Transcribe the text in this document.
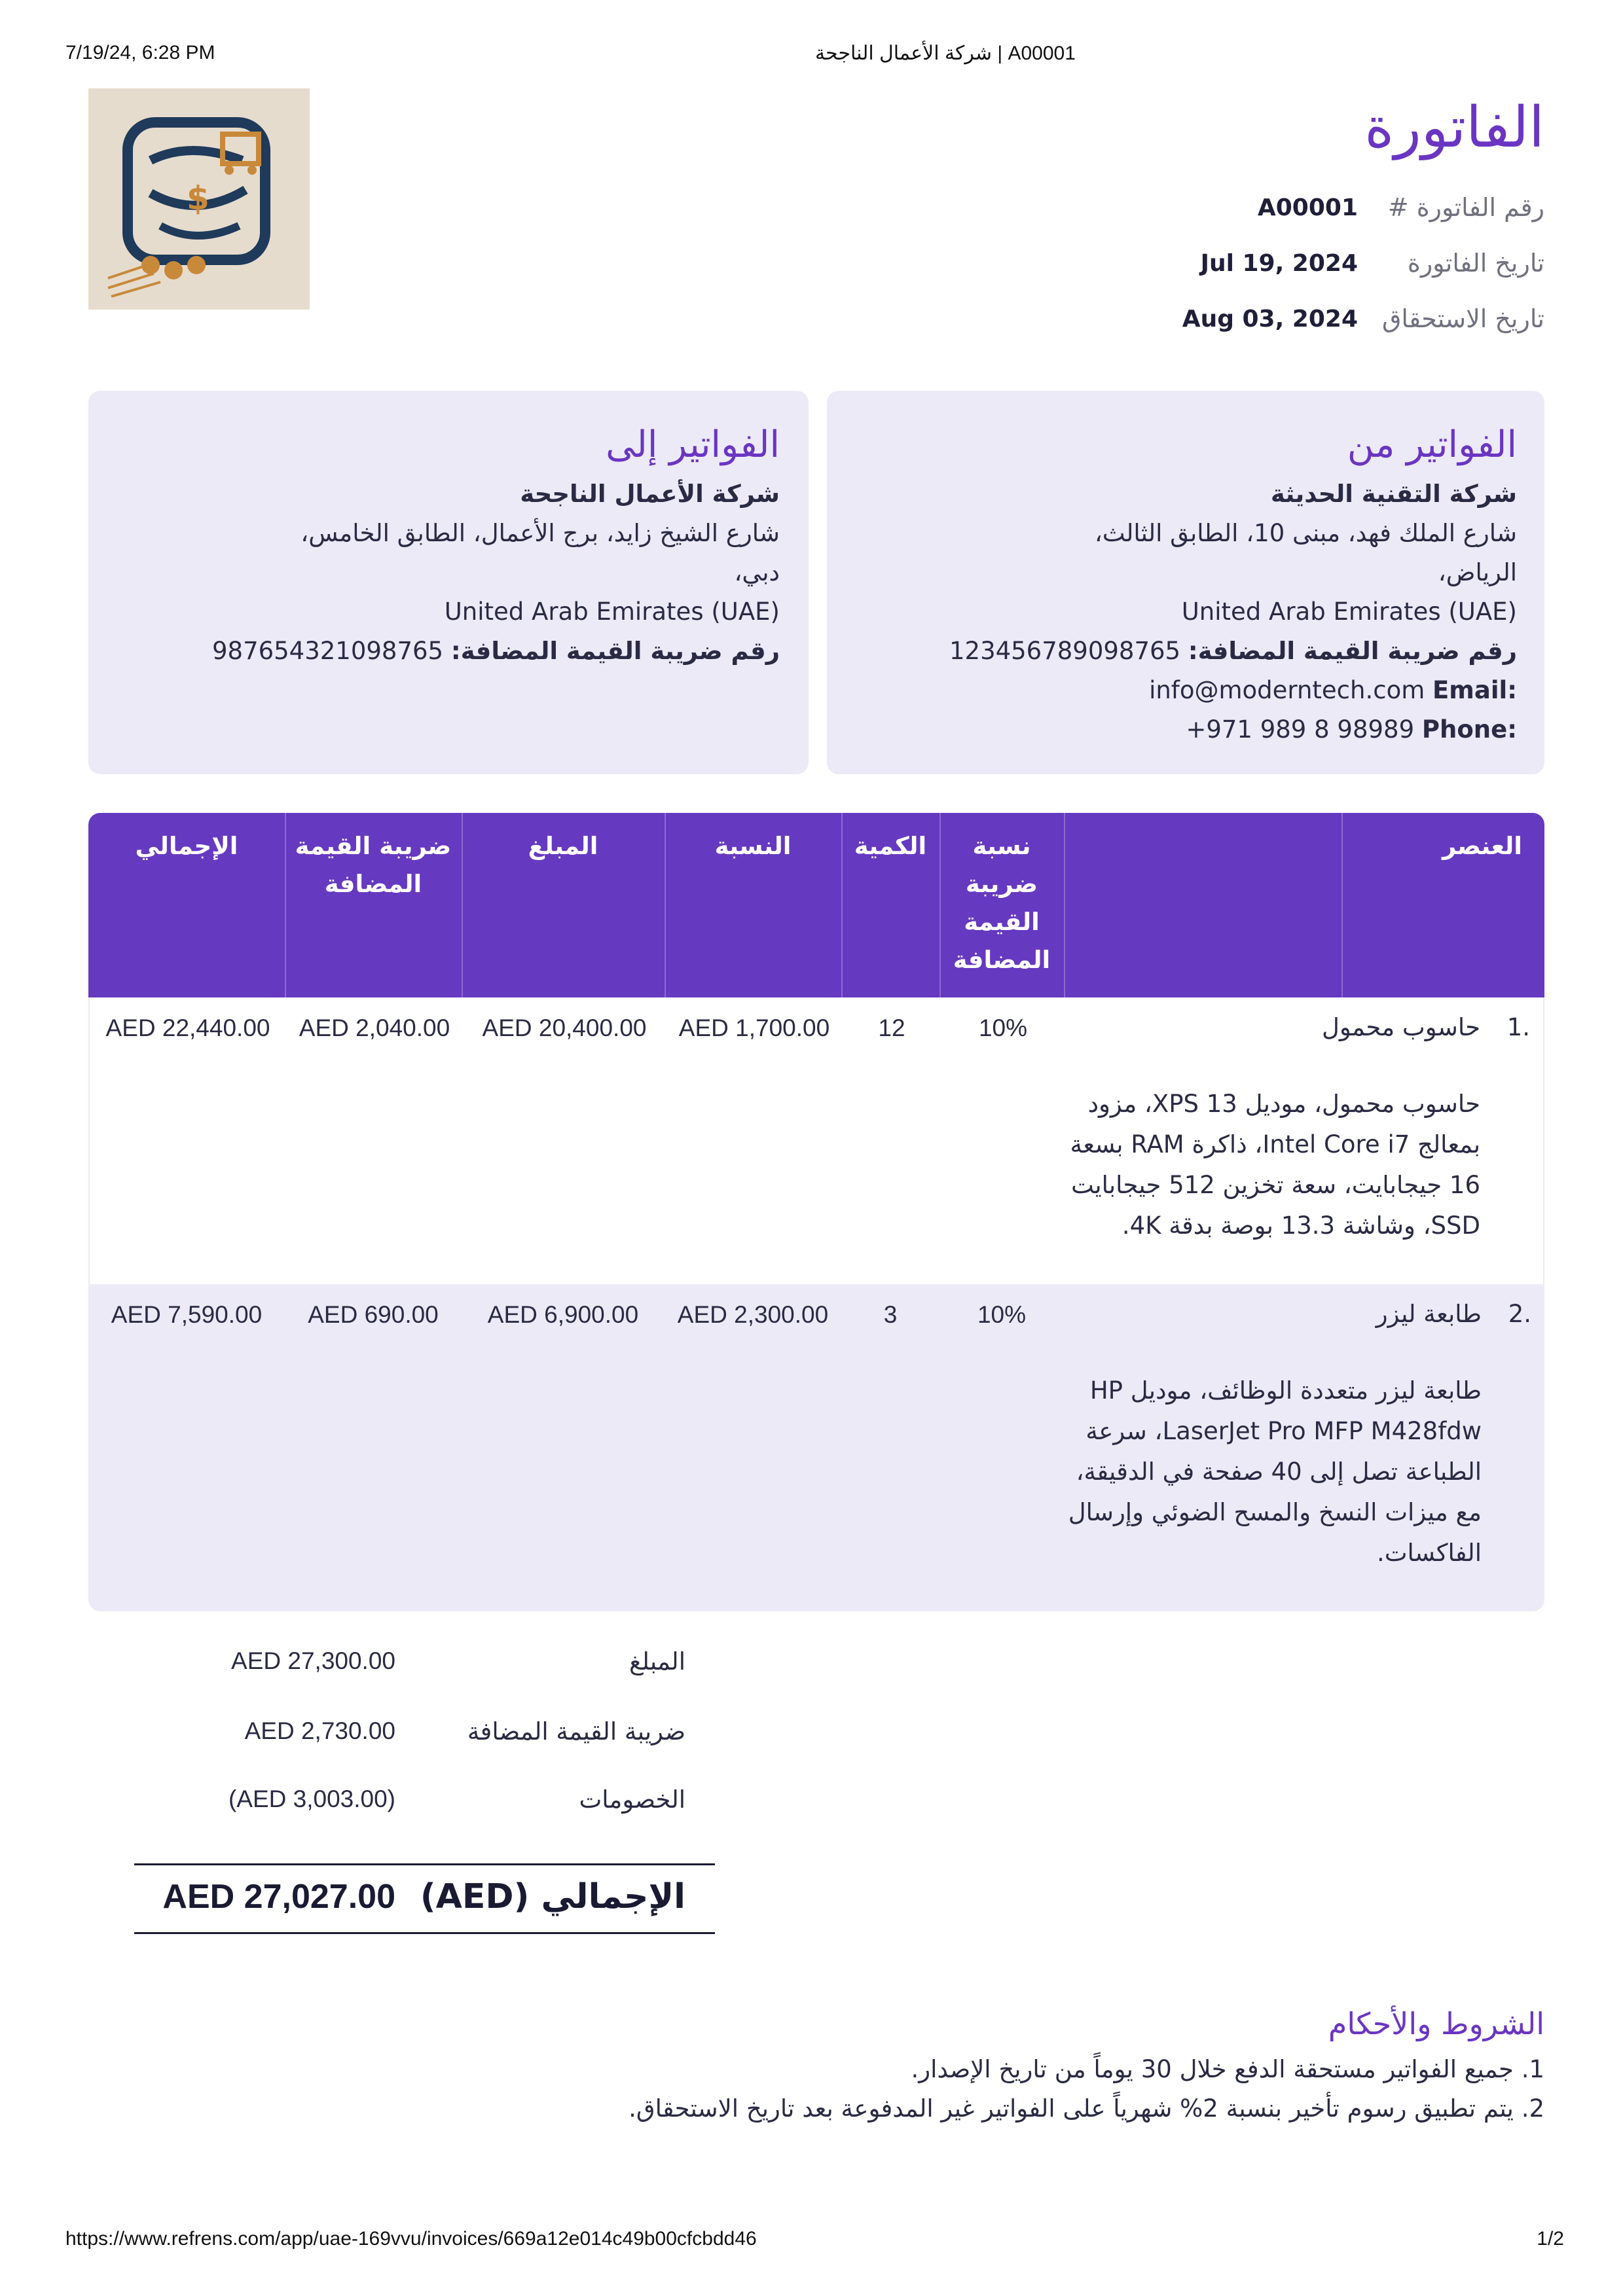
7/19/24, 6:28 PM	شركة الأعمال الناجحة | A00001
$
الفاتورة
رقم الفاتورة #
A00001
تاريخ الفاتورة
Jul 19, 2024
تاريخ الاستحقاق
Aug 03, 2024
الفواتير من
شركة التقنية الحديثة
شارع الملك فهد، مبنى 10، الطابق الثالث،
الرياض،
United Arab Emirates (UAE)
رقم ضريبة القيمة المضافة: 123456789098765
info@moderntech.com Email:
+971 989 8 98989 Phone:
الفواتير إلى
شركة الأعمال الناجحة
شارع الشيخ زايد، برج الأعمال، الطابق الخامس،
دبي،
United Arab Emirates (UAE)
رقم ضريبة القيمة المضافة: 987654321098765
العنصر
نسبة ضريبة القيمة المضافة
الكمية
النسبة
المبلغ
ضريبة القيمة المضافة
الإجمالي
1.
حاسوب محمول
حاسوب محمول، موديل XPS 13، مزود بمعالج Intel Core i7، ذاكرة RAM بسعة 16 جيجابايت، سعة تخزين 512 جيجابايت SSD، وشاشة 13.3 بوصة بدقة 4K.
10%
12
AED 1,700.00
AED 20,400.00
AED 2,040.00
AED 22,440.00
2.
طابعة ليزر
طابعة ليزر متعددة الوظائف، موديل HP LaserJet Pro MFP M428fdw، سرعة الطباعة تصل إلى 40 صفحة في الدقيقة، مع ميزات النسخ والمسح الضوئي وإرسال الفاكسات.
10%
3
AED 2,300.00
AED 6,900.00
AED 690.00
AED 7,590.00
المبلغ
AED 27,300.00
ضريبة القيمة المضافة
AED 2,730.00
الخصومات
(AED 3,003.00)
الإجمالي (AED)
AED 27,027.00
الشروط والأحكام
1. جميع الفواتير مستحقة الدفع خلال 30 يوماً من تاريخ الإصدار.
2. يتم تطبيق رسوم تأخير بنسبة 2% شهرياً على الفواتير غير المدفوعة بعد تاريخ الاستحقاق.
https://www.refrens.com/app/uae-169vvu/invoices/669a12e014c49b00cfcbdd46	1/2
